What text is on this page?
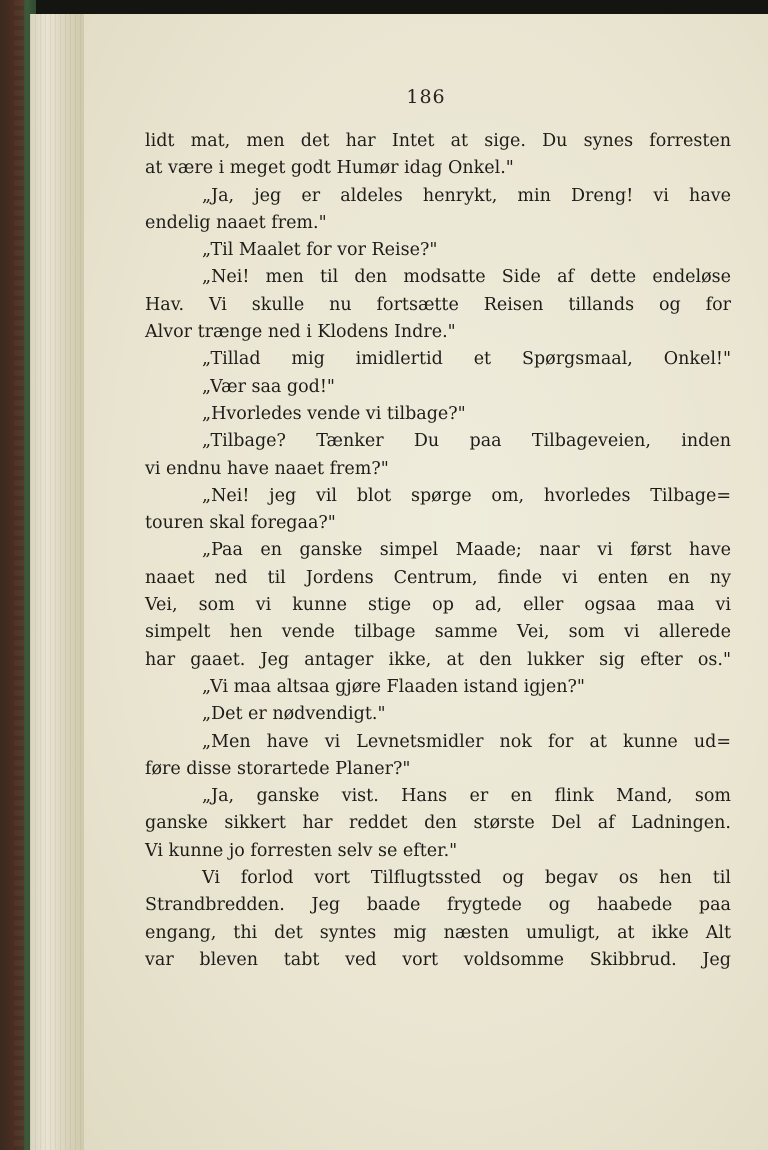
186
lidt mat, men det har Intet at sige. Du synes forresten
at være i meget godt Humør idag Onkel."
„Ja, jeg er aldeles henrykt, min Dreng! vi have
endelig naaet frem."
„Til Maalet for vor Reise?"
„Nei! men til den modsatte Side af dette endeløse
Hav. Vi skulle nu fortsætte Reisen tillands og for
Alvor trænge ned i Klodens Indre."
„Tillad mig imidlertid et Spørgsmaal, Onkel!"
„Vær saa god!"
„Hvorledes vende vi tilbage?"
„Tilbage? Tænker Du paa Tilbageveien, inden
vi endnu have naaet frem?"
„Nei! jeg vil blot spørge om, hvorledes Tilbage=
touren skal foregaa?"
„Paa en ganske simpel Maade; naar vi først have
naaet ned til Jordens Centrum, finde vi enten en ny
Vei, som vi kunne stige op ad, eller ogsaa maa vi
simpelt hen vende tilbage samme Vei, som vi allerede
har gaaet. Jeg antager ikke, at den lukker sig efter os."
„Vi maa altsaa gjøre Flaaden istand igjen?"
„Det er nødvendigt."
„Men have vi Levnetsmidler nok for at kunne ud=
føre disse storartede Planer?"
„Ja, ganske vist. Hans er en flink Mand, som
ganske sikkert har reddet den største Del af Ladningen.
Vi kunne jo forresten selv se efter."
Vi forlod vort Tilflugtssted og begav os hen til
Strandbredden. Jeg baade frygtede og haabede paa
engang, thi det syntes mig næsten umuligt, at ikke Alt
var bleven tabt ved vort voldsomme Skibbrud. Jeg
